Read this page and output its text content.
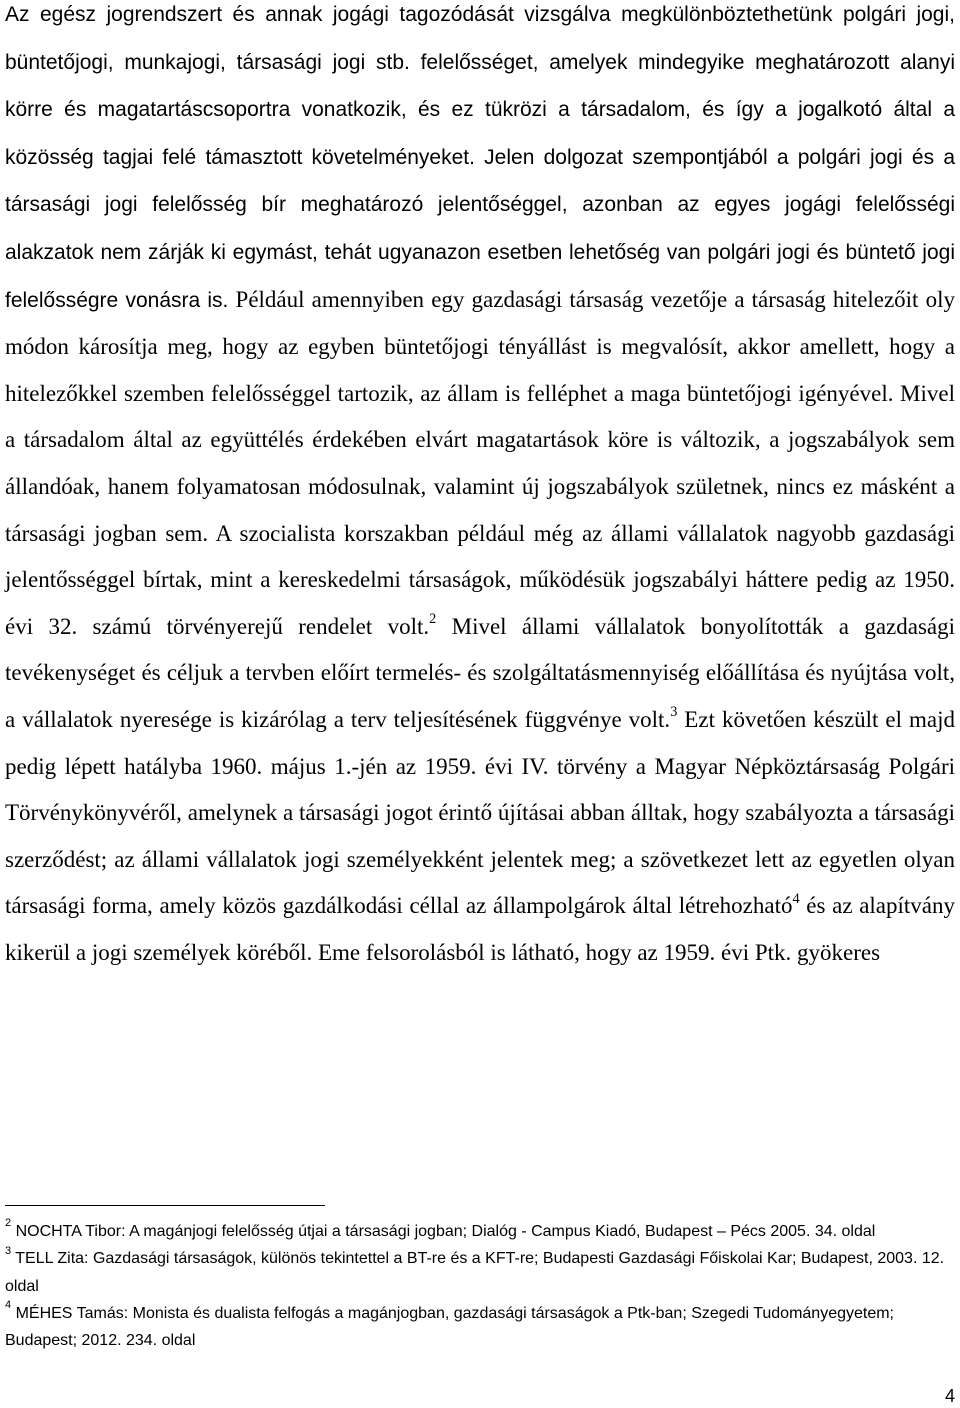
Az egész jogrendszert és annak jogági tagozódását vizsgálva megkülönböztethetünk polgári jogi, büntetőjogi, munkajogi, társasági jogi stb. felelősséget, amelyek mindegyike meghatározott alanyi körre és magatartáscsoportra vonatkozik, és ez tükrözi a társadalom, és így a jogalkotó által a közösség tagjai felé támasztott követelményeket. Jelen dolgozat szempontjából a polgári jogi és a társasági jogi felelősség bír meghatározó jelentőséggel, azonban az egyes jogági felelősségi alakzatok nem zárják ki egymást, tehát ugyanazon esetben lehetőség van polgári jogi és büntető jogi felelősségre vonásra is. Például amennyiben egy gazdasági társaság vezetője a társaság hitelezőit oly módon károsítja meg, hogy az egyben büntetőjogi tényállást is megvalósít, akkor amellett, hogy a hitelezőkkel szemben felelősséggel tartozik, az állam is felléphet a maga büntetőjogi igényével. Mivel a társadalom által az együttélés érdekében elvárt magatartások köre is változik, a jogszabályok sem állandóak, hanem folyamatosan módosulnak, valamint új jogszabályok születnek, nincs ez másként a társasági jogban sem. A szocialista korszakban például még az állami vállalatok nagyobb gazdasági jelentősséggel bírtak, mint a kereskedelmi társaságok, működésük jogszabályi háttere pedig az 1950. évi 32. számú törvényerejű rendelet volt.$^2$ Mivel állami vállalatok bonyolították a gazdasági tevékenységet és céljuk a tervben előírt termelés- és szolgáltatásmennyiség előállítása és nyújtása volt, a vállalatok nyeresége is kizárólag a terv teljesítésének függvénye volt.$^3$ Ezt követően készült el majd pedig lépett hatályba 1960. május 1.-jén az 1959. évi IV. törvény a Magyar Népköztársaság Polgári Törvénykönyvéről, amelynek a társasági jogot érintő újításai abban álltak, hogy szabályozta a társasági szerződést; az állami vállalatok jogi személyekként jelentek meg; a szövetkezet lett az egyetlen olyan társasági forma, amely közös gazdálkodási céllal az állampolgárok által létrehozható$^4$ és az alapítvány kikerül a jogi személyek köréből. Eme felsorolásból is látható, hogy az 1959. évi Ptk. gyökeres

$^2$ NOCHTA Tibor: A magánjogi felelősség útjai a társasági jogban; Dialóg - Campus Kiadó, Budapest – Pécs 2005. 34. oldal

$^3$ TELL Zita: Gazdasági társaságok, különös tekintettel a BT-re és a KFT-re; Budapesti Gazdasági Főiskolai Kar; Budapest, 2003. 12. oldal

$^4$ MÉHES Tamás: Monista és dualista felfogás a magánjogban, gazdasági társaságok a Ptk-ban; Szegedi Tudományegyetem; Budapest; 2012. 234. oldal

4
